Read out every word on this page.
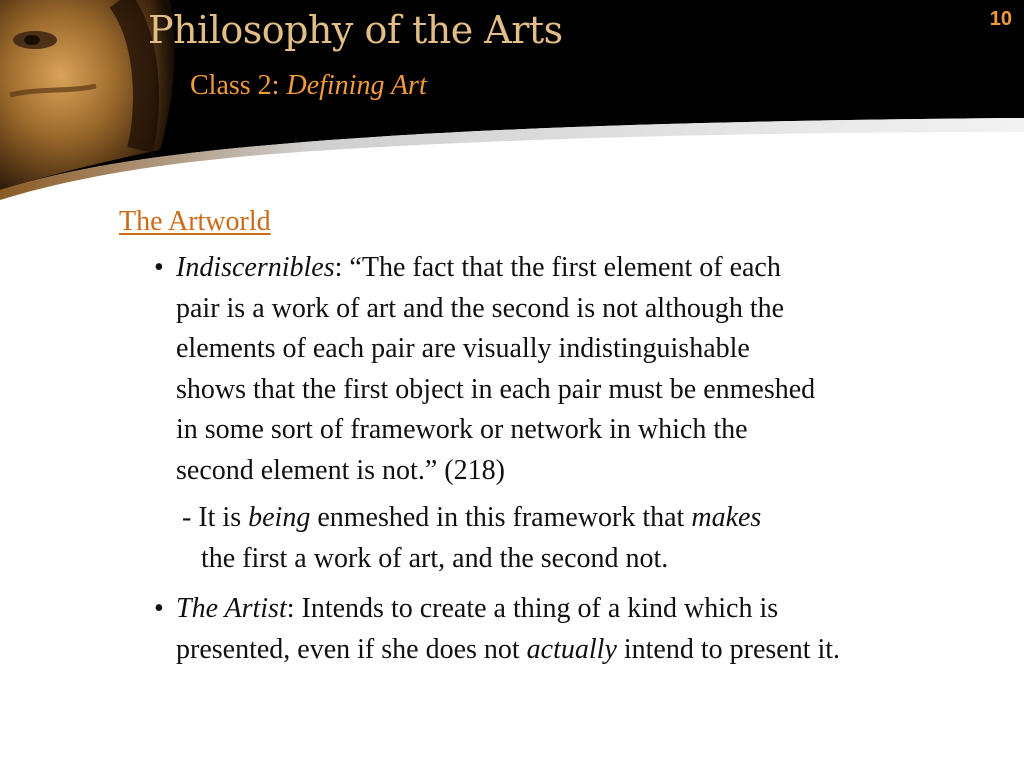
Philosophy of the Arts
Class 2: Defining Art
10
The Artworld
• Indiscernibles: “The fact that the first element of each
pair is a work of art and the second is not although the
elements of each pair are visually indistinguishable
shows that the first object in each pair must be enmeshed
in some sort of framework or network in which the
second element is not.” (218)
- It is being enmeshed in this framework that makes
the first a work of art, and the second not.
• The Artist: Intends to create a thing of a kind which is
presented, even if she does not actually intend to present it.
